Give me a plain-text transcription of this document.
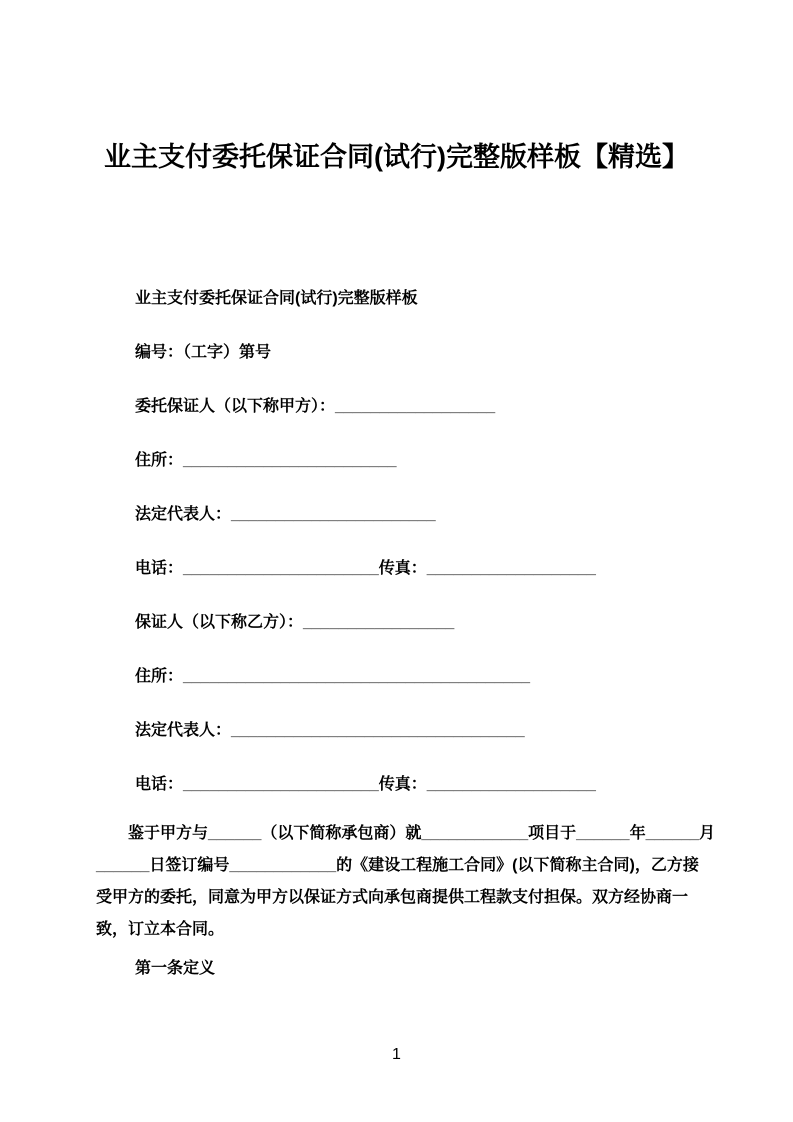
业主支付委托保证合同(试行)完整版样板【精选】

业主支付委托保证合同(试行)完整版样板

编号：（工字）第号

委托保证人（以下称甲方）：__________________

住所：________________________

法定代表人：_______________________

电话：______________________传真：___________________

保证人（以下称乙方）：_________________

住所：_______________________________________

法定代表人：_________________________________

电话：______________________传真：___________________

鉴于甲方与______（以下简称承包商）就____________项目于______年______月

______日签订编号____________的《建设工程施工合同》(以下简称主合同)，乙方接

受甲方的委托，同意为甲方以保证方式向承包商提供工程款支付担保。双方经协商一

致，订立本合同。

第一条定义

1
